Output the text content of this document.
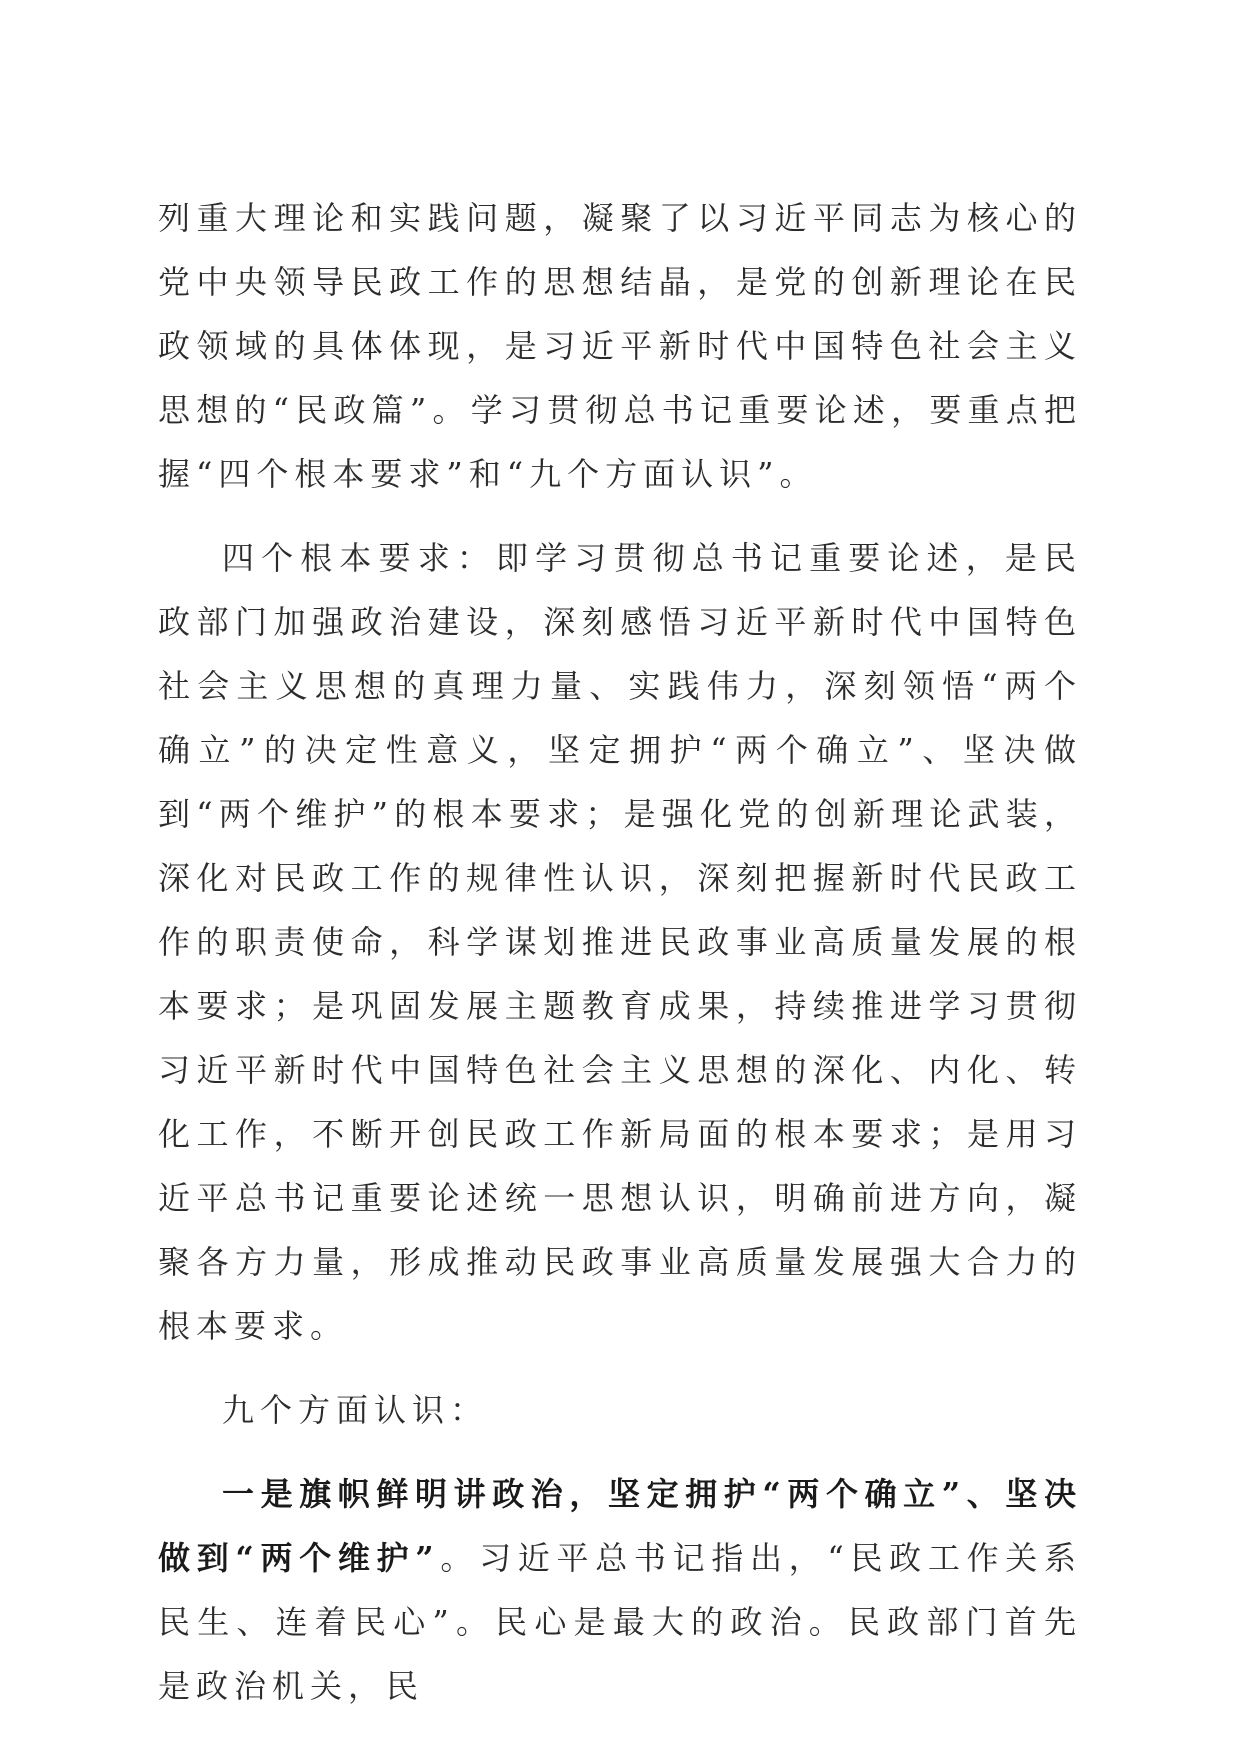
列重大理论和实践问题，凝聚了以习近平同志为核心的党中央领导民政工作的思想结晶，是党的创新理论在民政领域的具体体现，是习近平新时代中国特色社会主义思想的“民政篇”。学习贯彻总书记重要论述，要重点把握“四个根本要求”和“九个方面认识”。

四个根本要求：即学习贯彻总书记重要论述，是民政部门加强政治建设，深刻感悟习近平新时代中国特色社会主义思想的真理力量、实践伟力，深刻领悟“两个确立”的决定性意义，坚定拥护“两个确立”、坚决做到“两个维护”的根本要求；是强化党的创新理论武装，深化对民政工作的规律性认识，深刻把握新时代民政工作的职责使命，科学谋划推进民政事业高质量发展的根本要求；是巩固发展主题教育成果，持续推进学习贯彻习近平新时代中国特色社会主义思想的深化、内化、转化工作，不断开创民政工作新局面的根本要求；是用习近平总书记重要论述统一思想认识，明确前进方向，凝聚各方力量，形成推动民政事业高质量发展强大合力的根本要求。

九个方面认识：

一是旗帜鲜明讲政治，坚定拥护“两个确立”、坚决做到“两个维护”。习近平总书记指出，“民政工作关系民生、连着民心”。民心是最大的政治。民政部门首先是政治机关，民
